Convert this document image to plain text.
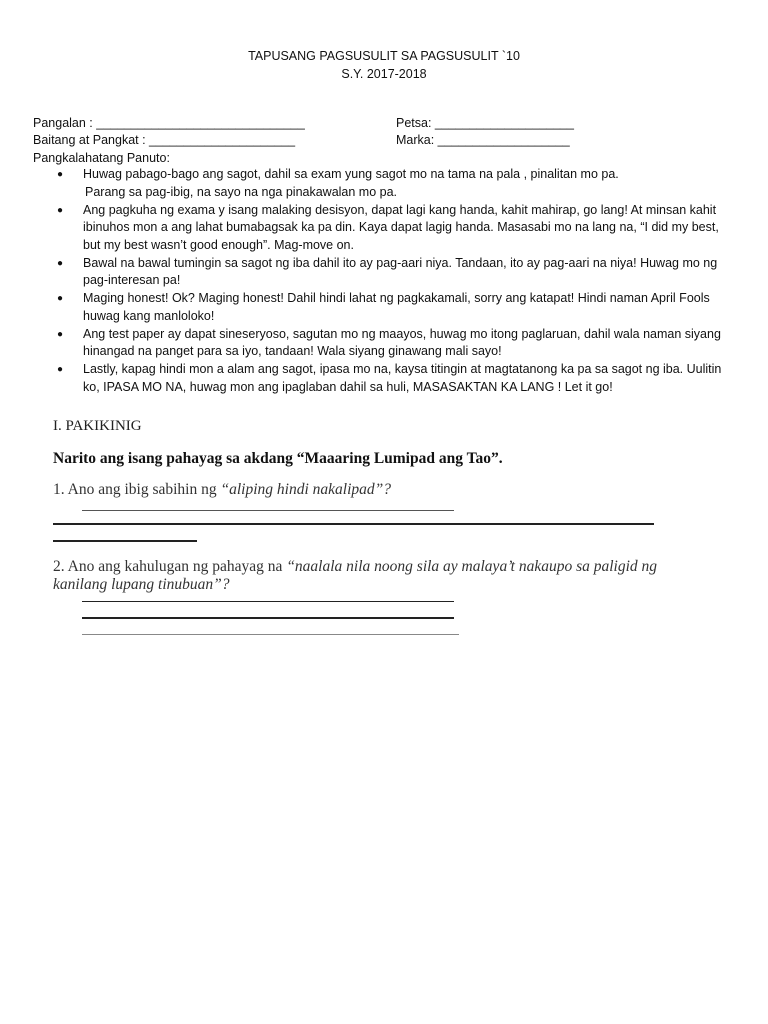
TAPUSANG PAGSUSULIT SA PAGSUSULIT `10
S.Y. 2017-2018
Pangalan : ______________________________	Petsa: ____________________
Baitang at Pangkat : _____________________	Marka: ___________________
Pangkalahatang Panuto:
● Huwag pabago-bago ang sagot, dahil sa exam yung sagot mo na tama na pala , pinalitan mo pa.
Parang sa pag-ibig, na sayo na nga pinakawalan mo pa.
● Ang pagkuha ng exama y isang malaking desisyon, dapat lagi kang handa, kahit mahirap, go lang! At minsan kahit
ibinuhos mon a ang lahat bumabagsak ka pa din. Kaya dapat lagig handa. Masasabi mo na lang na, “I did my best,
but my best wasn’t good enough”. Mag-move on.
● Bawal na bawal tumingin sa sagot ng iba dahil ito ay pag-aari niya. Tandaan, ito ay pag-aari na niya! Huwag mo ng
pag-interesan pa!
● Maging honest! Ok? Maging honest! Dahil hindi lahat ng pagkakamali, sorry ang katapat! Hindi naman April Fools
huwag kang manloloko!
● Ang test paper ay dapat sineseryoso, sagutan mo ng maayos, huwag mo itong paglaruan, dahil wala naman siyang
hinangad na panget para sa iyo, tandaan! Wala siyang ginawang mali sayo!
● Lastly, kapag hindi mon a alam ang sagot, ipasa mo na, kaysa titingin at magtatanong ka pa sa sagot ng iba. Uulitin
ko, IPASA MO NA, huwag mon ang ipaglaban dahil sa huli, MASASAKTAN KA LANG ! Let it go!
I. PAKIKINIG
Narito ang isang pahayag sa akdang “Maaaring Lumipad ang Tao”.
1. Ano ang ibig sabihin ng “aliping hindi nakalipad”?
2. Ano ang kahulugan ng pahayag na “naalala nila noong sila ay malaya’t nakaupo sa paligid ng kanilang lupang tinubuan”?
